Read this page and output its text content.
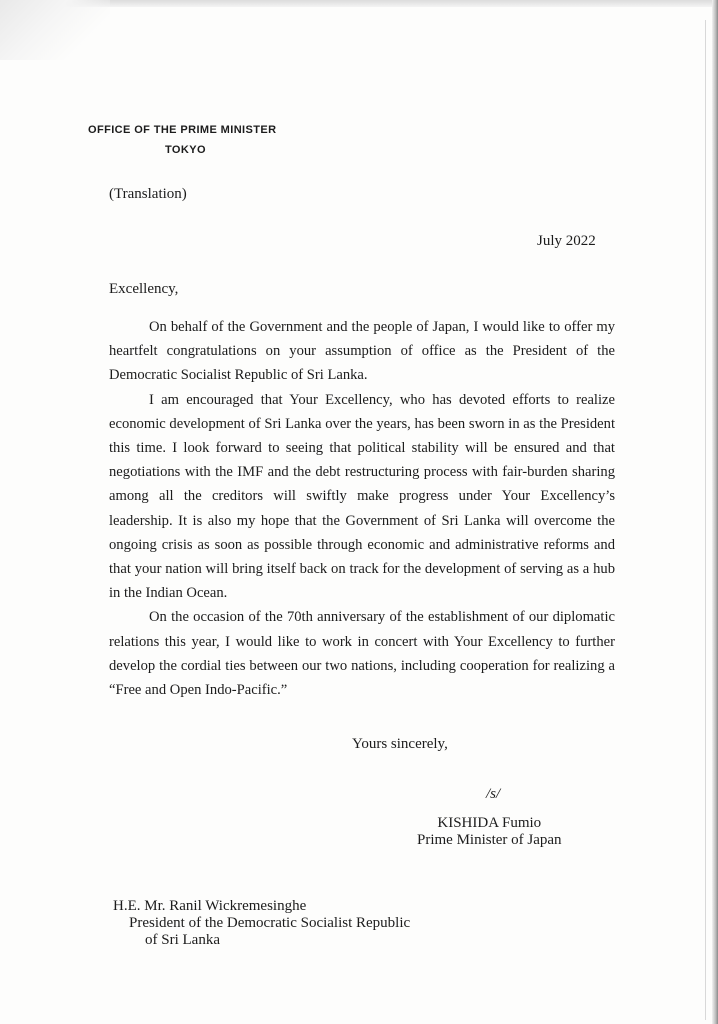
OFFICE OF THE PRIME MINISTER
TOKYO
(Translation)
July 2022
Excellency,

On behalf of the Government and the people of Japan, I would like to offer my heartfelt congratulations on your assumption of office as the President of the Democratic Socialist Republic of Sri Lanka.

I am encouraged that Your Excellency, who has devoted efforts to realize economic development of Sri Lanka over the years, has been sworn in as the President this time. I look forward to seeing that political stability will be ensured and that negotiations with the IMF and the debt restructuring process with fair-burden sharing among all the creditors will swiftly make progress under Your Excellency’s leadership. It is also my hope that the Government of Sri Lanka will overcome the ongoing crisis as soon as possible through economic and administrative reforms and that your nation will bring itself back on track for the development of serving as a hub in the Indian Ocean.

On the occasion of the 70th anniversary of the establishment of our diplomatic relations this year, I would like to work in concert with Your Excellency to further develop the cordial ties between our two nations, including cooperation for realizing a “Free and Open Indo-Pacific.”

Yours sincerely,
/s/
KISHIDA Fumio
Prime Minister of Japan
H.E. Mr. Ranil Wickremesinghe
President of the Democratic Socialist Republic
of Sri Lanka
